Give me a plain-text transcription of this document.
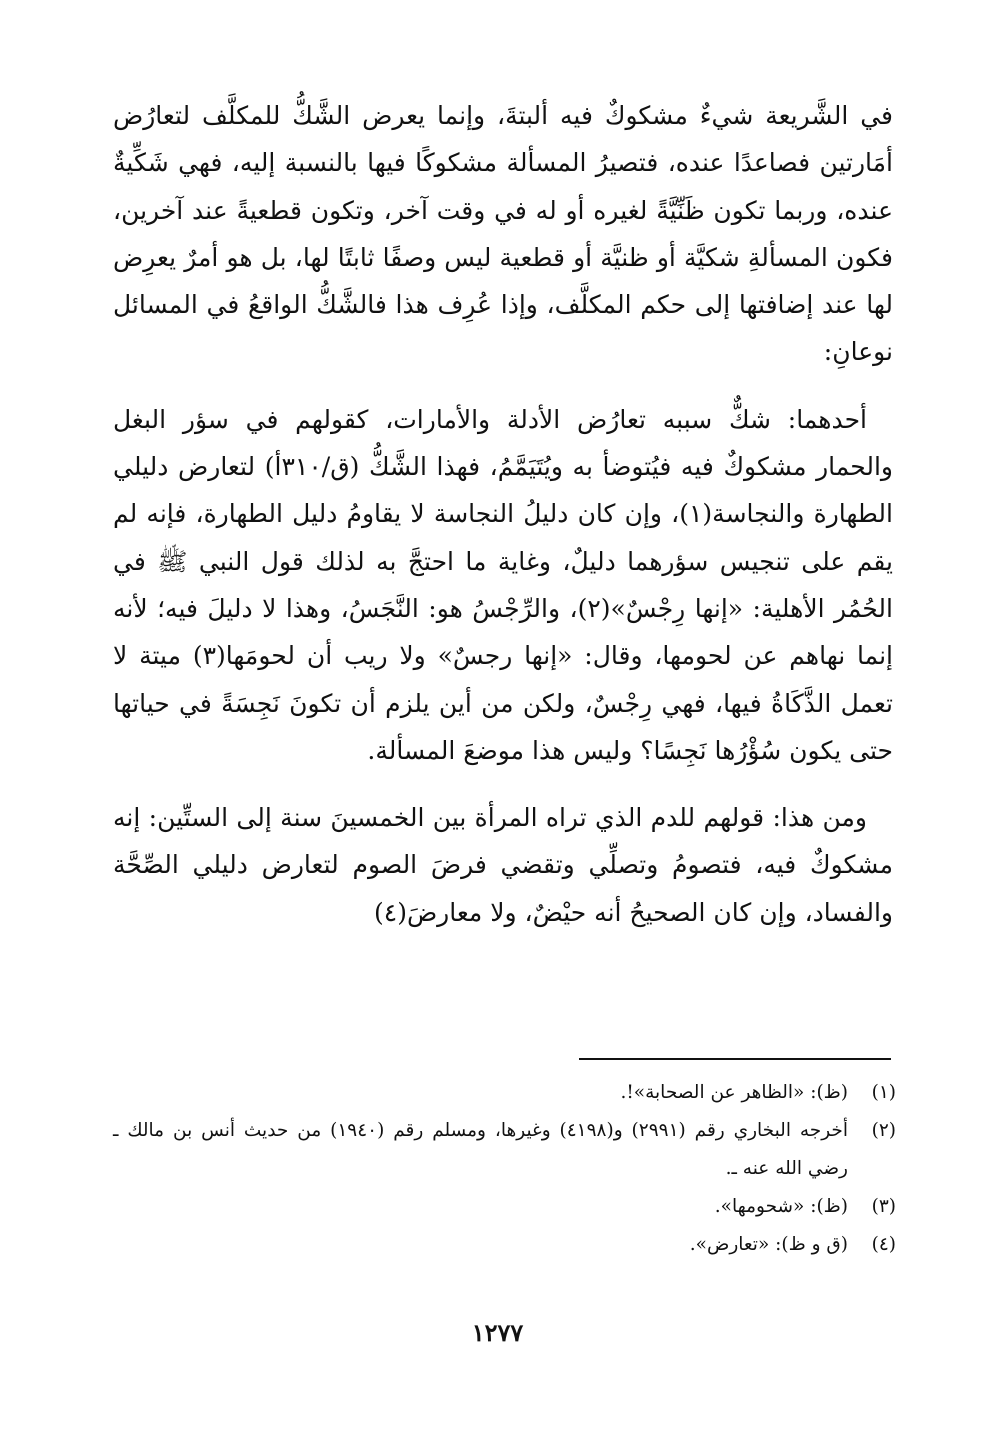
في الشَّريعة شيءٌ مشكوكٌ فيه ألبتةَ، وإنما يعرض الشَّكُّ للمكلَّف لتعارُض أمَارتين فصاعدًا عنده، فتصيرُ المسألة مشكوكًا فيها بالنسبة إليه، فهي شَكِّيةٌ عنده، وربما تكون ظَنِّيَّةً لغيره أو له في وقت آخر، وتكون قطعيةً عند آخرين، فكون المسألةِ شكيَّة أو ظنيَّة أو قطعية ليس وصفًا ثابتًا لها، بل هو أمرٌ يعرِض لها عند إضافتها إلى حكم المكلَّف، وإذا عُرِف هذا فالشَّكُّ الواقعُ في المسائل نوعانِ:

أحدهما: شكٌّ سببه تعارُض الأدلة والأمارات، كقولهم في سؤر البغل والحمار مشكوكٌ فيه فيُتوضأ به ويُتَيَمَّمُ، فهذا الشَّكُّ (ق/٣١٠أ) لتعارض دليلي الطهارة والنجاسة(١)، وإن كان دليلُ النجاسة لا يقاومُ دليل الطهارة، فإنه لم يقم على تنجيس سؤرهما دليلٌ، وغاية ما احتجَّ به لذلك قول النبي ﷺ في الحُمُر الأهلية: «إنها رِجْسٌ»(٢)، والرِّجْسُ هو: النَّجَسُ، وهذا لا دليلَ فيه؛ لأنه إنما نهاهم عن لحومها، وقال: «إنها رجسٌ» ولا ريب أن لحومَها(٣) ميتة لا تعمل الذَّكَاةُ فيها، فهي رِجْسٌ، ولكن من أين يلزم أن تكونَ نَجِسَةً في حياتها حتى يكون سُؤْرُها نَجِسًا؟ وليس هذا موضعَ المسألة.

ومن هذا: قولهم للدم الذي تراه المرأة بين الخمسينَ سنة إلى الستِّين: إنه مشكوكٌ فيه، فتصومُ وتصلِّي وتقضي فرضَ الصوم لتعارض دليلي الصِّحَّة والفساد، وإن كان الصحيحُ أنه حيْضٌ، ولا معارضَ(٤)

(١)
(ظ): «الظاهر عن الصحابة»!.
(٢)
أخرجه البخاري رقم (٢٩٩١) و(٤١٩٨) وغيرها، ومسلم رقم (١٩٤٠) من حديث أنس بن مالك ـ رضي الله عنه ـ.
(٣)
(ظ): «شحومها».
(٤)
(ق و ظ): «تعارض».
١٢٧٧
